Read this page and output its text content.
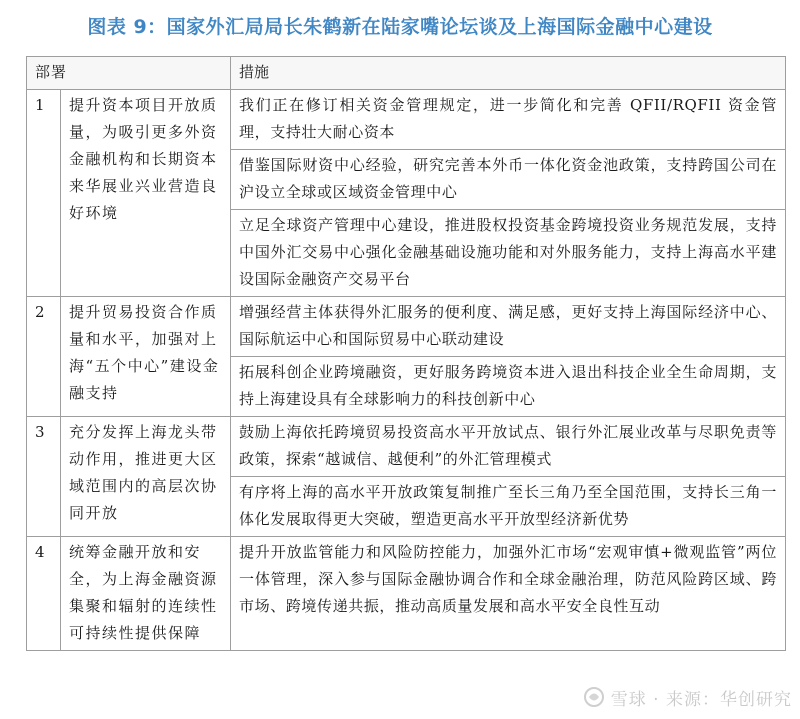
图表 9：国家外汇局局长朱鹤新在陆家嘴论坛谈及上海国际金融中心建设
部署		措施
1	提升资本项目开放质量，为吸引更多外资金融机构和长期资本来华展业兴业营造良好环境	我们正在修订相关资金管理规定，进一步简化和完善 QFII/RQFII 资金管理，支持壮大耐心资本
		借鉴国际财资中心经验，研究完善本外币一体化资金池政策，支持跨国公司在沪设立全球或区域资金管理中心
		立足全球资产管理中心建设，推进股权投资基金跨境投资业务规范发展，支持中国外汇交易中心强化金融基础设施功能和对外服务能力，支持上海高水平建设国际金融资产交易平台
2	提升贸易投资合作质量和水平，加强对上海“五个中心”建设金融支持	增强经营主体获得外汇服务的便利度、满足感，更好支持上海国际经济中心、国际航运中心和国际贸易中心联动建设
		拓展科创企业跨境融资，更好服务跨境资本进入退出科技企业全生命周期，支持上海建设具有全球影响力的科技创新中心
3	充分发挥上海龙头带动作用，推进更大区域范围内的高层次协同开放	鼓励上海依托跨境贸易投资高水平开放试点、银行外汇展业改革与尽职免责等政策，探索“越诚信、越便利”的外汇管理模式
		有序将上海的高水平开放政策复制推广至长三角乃至全国范围，支持长三角一体化发展取得更大突破，塑造更高水平开放型经济新优势
4	统筹金融开放和安全，为上海金融资源集聚和辐射的连续性可持续性提供保障	提升开放监管能力和风险防控能力，加强外汇市场“宏观审慎+微观监管”两位一体管理，深入参与国际金融协调合作和全球金融治理，防范风险跨区域、跨市场、跨境传递共振，推动高质量发展和高水平安全良性互动
雪球 · 来源：华创研究
